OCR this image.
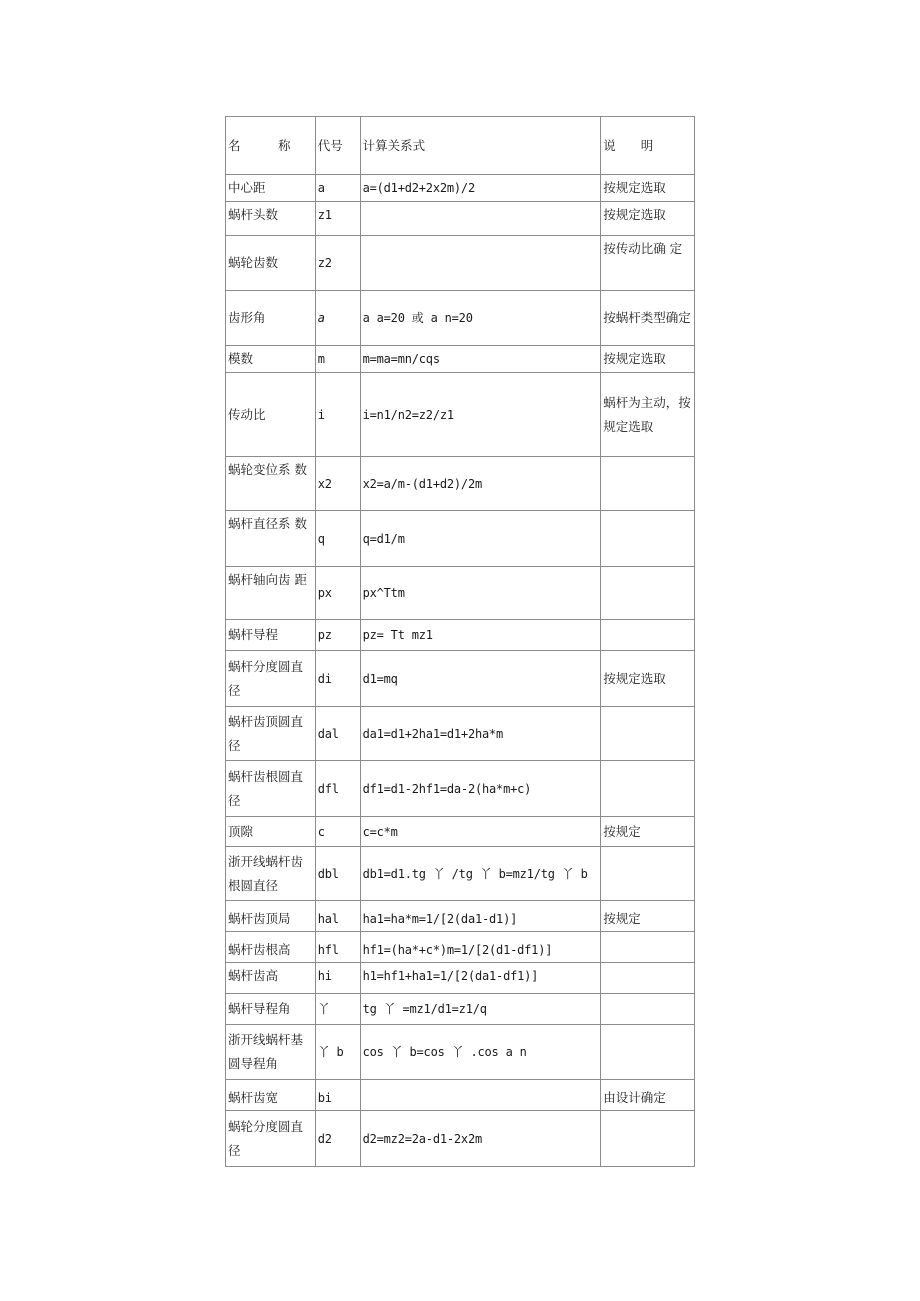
名　　　称	代号	计算关系式	说　　明
中心距	a	a=(d1+d2+2x2m)/2	按规定选取
蜗杆头数	z1		按规定选取
蜗轮齿数	z2		按传动比确 定
齿形角	a	a a=20 或 a n=20	按蜗杆类型确定
模数	m	m=ma=mn/cqs	按规定选取
传动比	i	i=n1/n2=z2/z1	蜗杆为主动，按规定选取
蜗轮变位系 数	x2	x2=a/m-(d1+d2)/2m	
蜗杆直径系 数	q	q=d1/m	
蜗杆轴向齿 距	px	px^Ttm	
蜗杆导程	pz	pz= Tt mz1	
蜗杆分度圆直径	di	d1=mq	按规定选取
蜗杆齿顶圆直径	dal	da1=d1+2ha1=d1+2ha*m	
蜗杆齿根圆直径	dfl	df1=d1-2hf1=da-2(ha*m+c)	
顶隙	c	c=c*m	按规定
浙开线蜗杆齿根圆直径	dbl	db1=d1.tg 丫 /tg 丫 b=mz1/tg 丫 b	
蜗杆齿顶局	hal	ha1=ha*m=1/[2(da1-d1)]	按规定
蜗杆齿根高	hfl	hf1=(ha*+c*)m=1/[2(d1-df1)]	
蜗杆齿高	hi	h1=hf1+ha1=1/[2(da1-df1)]	
蜗杆导程角	丫	tg 丫 =mz1/d1=z1/q	
浙开线蜗杆基圆导程角	丫 b	cos 丫 b=cos 丫 .cos a n	
蜗杆齿宽	bi		由设计确定
蜗轮分度圆直径	d2	d2=mz2=2a-d1-2x2m	
